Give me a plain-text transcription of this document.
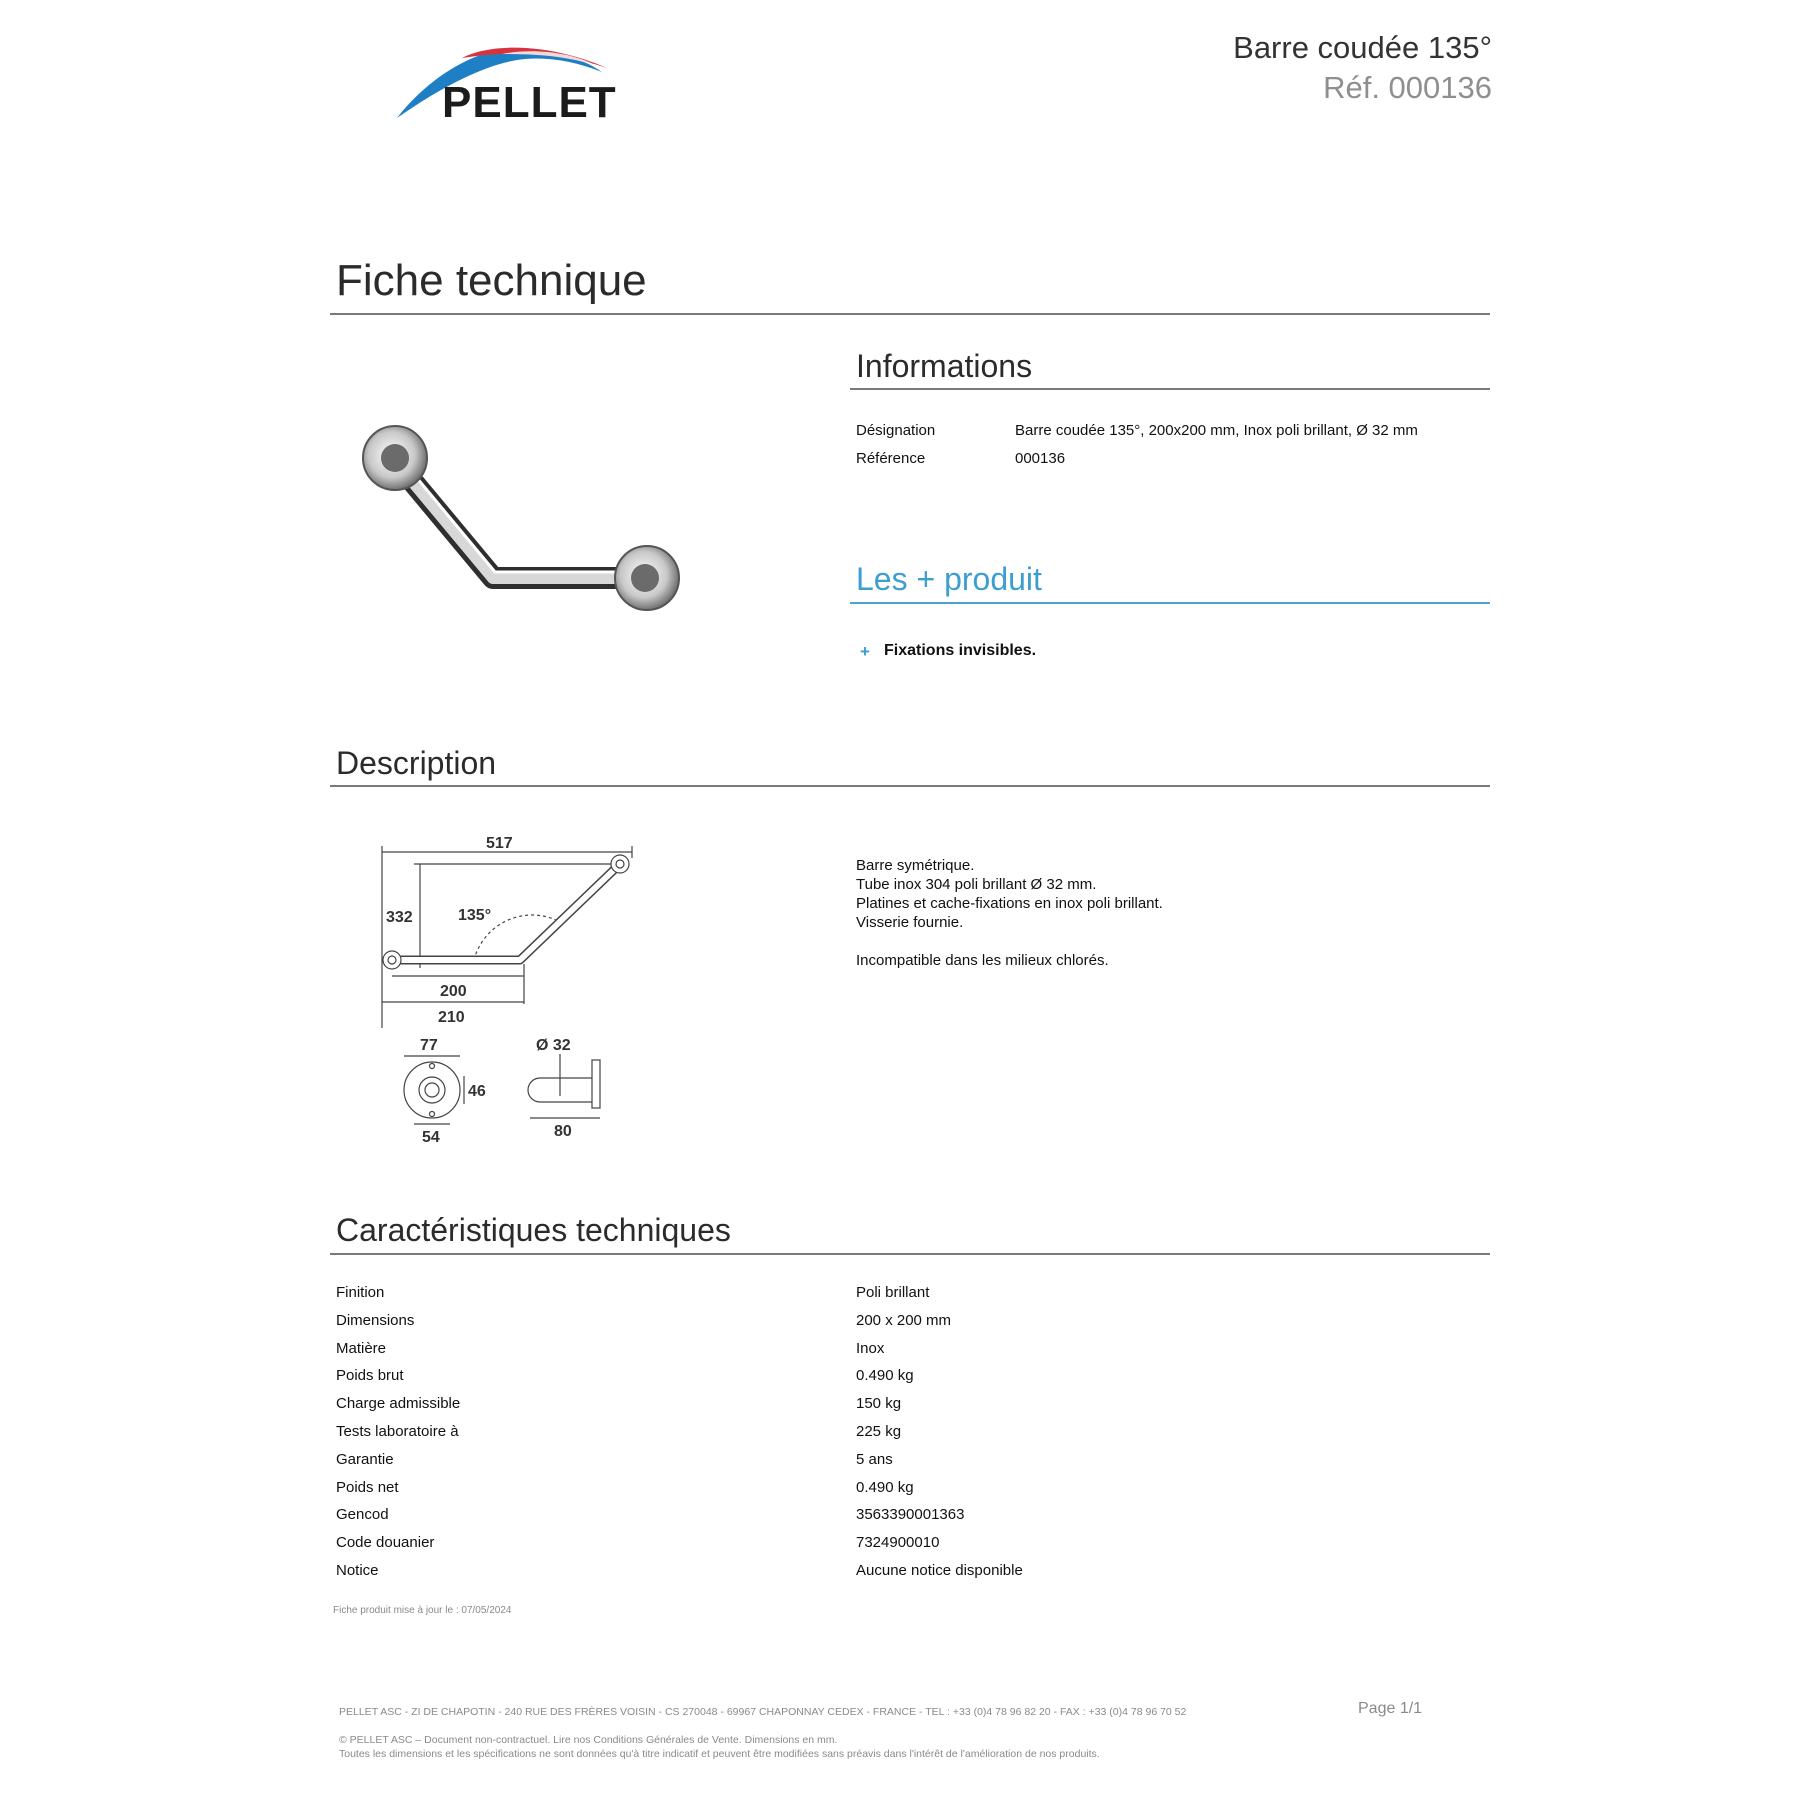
PELLET
Barre coudée 135°
Réf. 000136
Fiche technique
Informations
Désignation	Barre coudée 135°, 200x200 mm, Inox poli brillant, Ø 32 mm
Référence	000136
Les + produit
+ Fixations invisibles.
Description
517
332	135°
200
210
77
46
54
Ø 32
80
Barre symétrique.
Tube inox 304 poli brillant Ø 32 mm.
Platines et cache-fixations en inox poli brillant.
Visserie fournie.
Incompatible dans les milieux chlorés.
Caractéristiques techniques
Finition	Poli brillant
Dimensions	200 x 200 mm
Matière	Inox
Poids brut	0.490 kg
Charge admissible	150 kg
Tests laboratoire à	225 kg
Garantie	5 ans
Poids net	0.490 kg
Gencod	3563390001363
Code douanier	7324900010
Notice	Aucune notice disponible
Fiche produit mise à jour le : 07/05/2024
PELLET ASC - ZI DE CHAPOTIN - 240 RUE DES FRÈRES VOISIN - CS 270048 - 69967 CHAPONNAY CEDEX - FRANCE - TEL : +33 (0)4 78 96 82 20 - FAX : +33 (0)4 78 96 70 52	Page 1/1
© PELLET ASC – Document non-contractuel. Lire nos Conditions Générales de Vente. Dimensions en mm.
Toutes les dimensions et les spécifications ne sont données qu'à titre indicatif et peuvent être modifiées sans préavis dans l'intérêt de l'amélioration de nos produits.
